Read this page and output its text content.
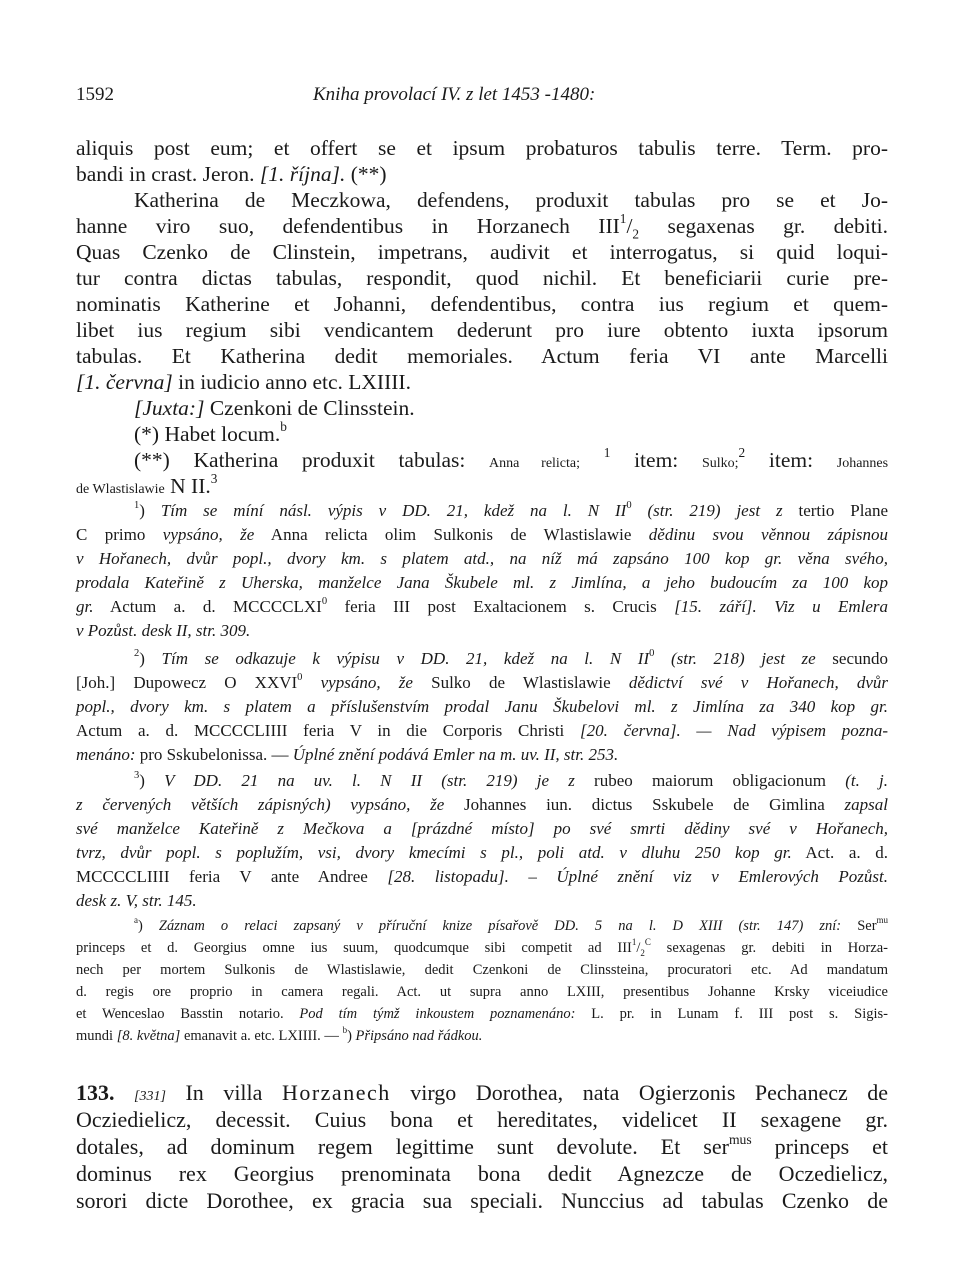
1592	Kniha provolací IV. z let 1453 -1480:
aliquis post eum; et offert se et ipsum probaturos tabulis terre. Term. pro-
bandi in crast. Jeron. [1. října]. (**)
Katherina de Meczkowa, defendens, produxit tabulas pro se et Jo-
hanne viro suo, defendentibus in Horzanech $III^1/_2$ segaxenas gr. debiti.
Quas Czenko de Clinstein, impetrans, audivit et interrogatus, si quid loqui-
tur contra dictas tabulas, respondit, quod nichil. Et beneficiarii curie pre-
nominatis Katherine et Johanni, defendentibus, contra ius regium et quem-
libet ius regium sibi vendicantem dederunt pro iure obtento iuxta ipsorum
tabulas. Et Katherina dedit memoriales. Actum feria VI ante Marcelli
[1. června] in iudicio anno etc. LXIIII.
[Juxta:] Czenkoni de Clinsstein.
(*) Habet locum.$^b$
(**) Katherina produxit tabulas: Anna relicta; $^1$ item: Sulko;$^2$ item: Johannes
de Wlastislawie N II.$^3$
$^1$) Tím se míní násl. výpis v DD. 21, kdež na l. N $II^0$ (str. 219) jest z tertio Plane
C primo vypsáno, že Anna relicta olim Sulkonis de Wlastislawie dědinu svou věnnou zápisnou
v Hořanech, dvůr popl., dvory km. s platem atd., na níž má zapsáno 100 kop gr. věna svého,
prodala Kateřině z Uherska, manželce Jana Škubele ml. z Jimlína, a jeho budoucím za 100 kop
gr. Actum a. d. MCCCCLXI$^0$ feria III post Exaltacionem s. Crucis [15. září]. Viz u Emlera
v Pozůst. desk II, str. 309.
$^2$) Tím se odkazuje k výpisu v DD. 21, kdež na l. N $II^0$ (str. 218) jest ze secundo
[Joh.] Dupowecz O XXVI$^0$ vypsáno, že Sulko de Wlastislawie dědictví své v Hořanech, dvůr
popl., dvory km. s platem a příslušenstvím prodal Janu Škubelovi ml. z Jimlína za 340 kop gr.
Actum a. d. MCCCCLIIII feria V in die Corporis Christi [20. června]. — Nad výpisem pozna-
menáno: pro Sskubelonissa. — Úplné znění podává Emler na m. uv. II, str. 253.
$^3$) V DD. 21 na uv. l. N II (str. 219) je z rubeo maiorum obligacionum (t. j.
z červených větších zápisných) vypsáno, že Johannes iun. dictus Sskubele de Gimlina zapsal
své manželce Kateřině z Mečkova a [prázdné místo] po své smrti dědiny své v Hořanech,
tvrz, dvůr popl. s poplužím, vsi, dvory kmecími s pl., poli atd. v dluhu 250 kop gr. Act. a. d.
MCCCCLIIII feria V ante Andree [28. listopadu]. – Úplné znění viz v Emlerových Pozůst.
desk z. V, str. 145.
$^a$) Záznam o relaci zapsaný v příruční knize písařově DD. 5 na l. D XIII (str. 147) zní: Ser$^{mu}$
princeps et d. Georgius omne ius suum, quodcumque sibi competit ad $III^1/_2^C$ sexagenas gr. debiti in Horza-
nech per mortem Sulkonis de Wlastislawie, dedit Czenkoni de Clinssteina, procuratori etc. Ad mandatum
d. regis ore proprio in camera regali. Act. ut supra anno LXIII, presentibus Johanne Krsky viceiudice
et Wenceslao Basstin notario. Pod tím týmž inkoustem poznamenáno: L. pr. in Lunam f. III post s. Sigis-
mundi [8. května] emanavit a. etc. LXIIII. — $^b$) Připsáno nad řádkou.
133. [331] In villa Horzanech virgo Dorothea, nata Ogierzonis Pechanecz de
Ocziedielicz, decessit. Cuius bona et hereditates, videlicet II sexagene gr.
dotales, ad dominum regem legittime sunt devolute. Et ser$^{mus}$ princeps et
dominus rex Georgius prenominata bona dedit Agnezcze de Oczedielicz,
sorori dicte Dorothee, ex gracia sua speciali. Nunccius ad tabulas Czenko de
